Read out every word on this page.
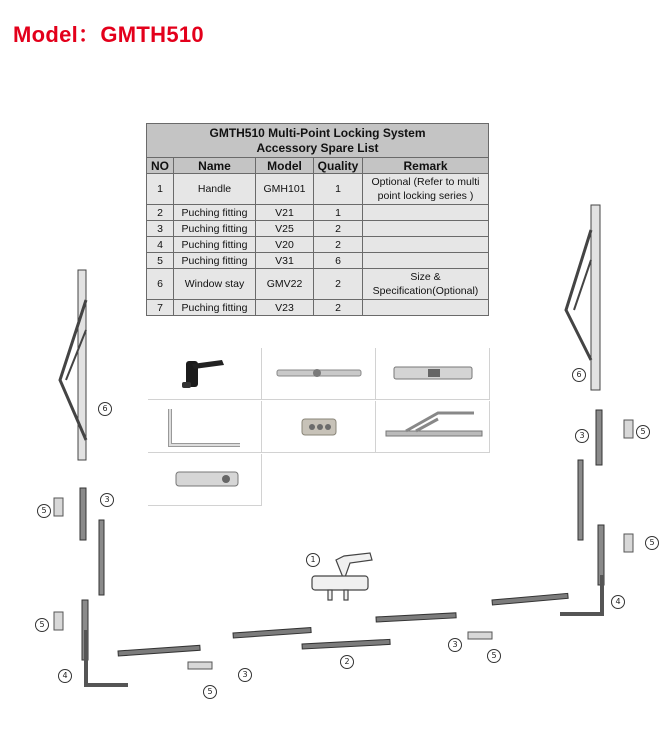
Model：GMTH510
GMTH510 Multi-Point Locking System
Accessory Spare List				

NO	Name	Model	Quality	Remark
1	Handle	GMH101	1	Optional (Refer to multi
point locking series )

2	Puching fitting	V21	1	
3	Puching fitting	V25	2	
4	Puching fitting	V20	2	
5	Puching fitting	V31	6	
6	Window stay	GMV22	2	Size &
Specification(Optional)

7	Puching fitting	V23	2	
1
2
3
3
3
3
4
4
5
5
5
5
5
5
6
6
